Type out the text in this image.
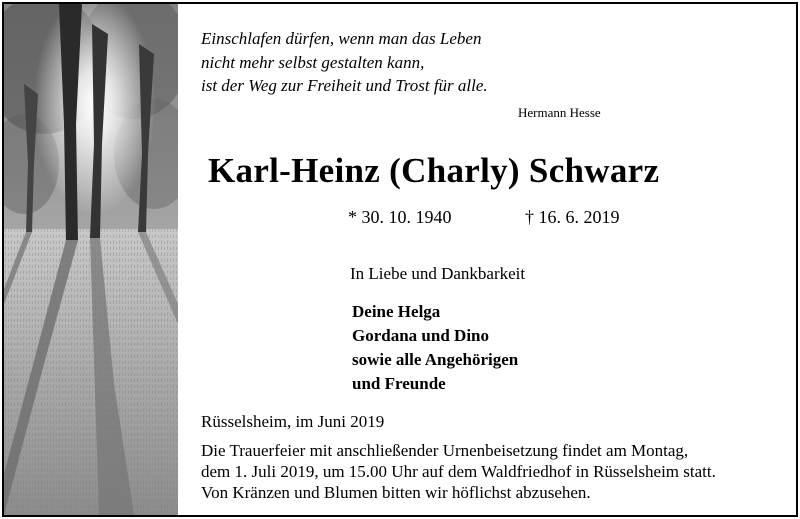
Einschlafen dürfen, wenn man das Leben
nicht mehr selbst gestalten kann,
ist der Weg zur Freiheit und Trost für alle.
Hermann Hesse
Karl-Heinz (Charly) Schwarz
* 30. 10. 1940	† 16. 6. 2019
In Liebe und Dankbarkeit
Deine Helga
Gordana und Dino
sowie alle Angehörigen
und Freunde
Rüsselsheim, im Juni 2019
Die Trauerfeier mit anschließender Urnenbeisetzung findet am Montag,
dem 1. Juli 2019, um 15.00 Uhr auf dem Waldfriedhof in Rüsselsheim statt.
Von Kränzen und Blumen bitten wir höflichst abzusehen.
